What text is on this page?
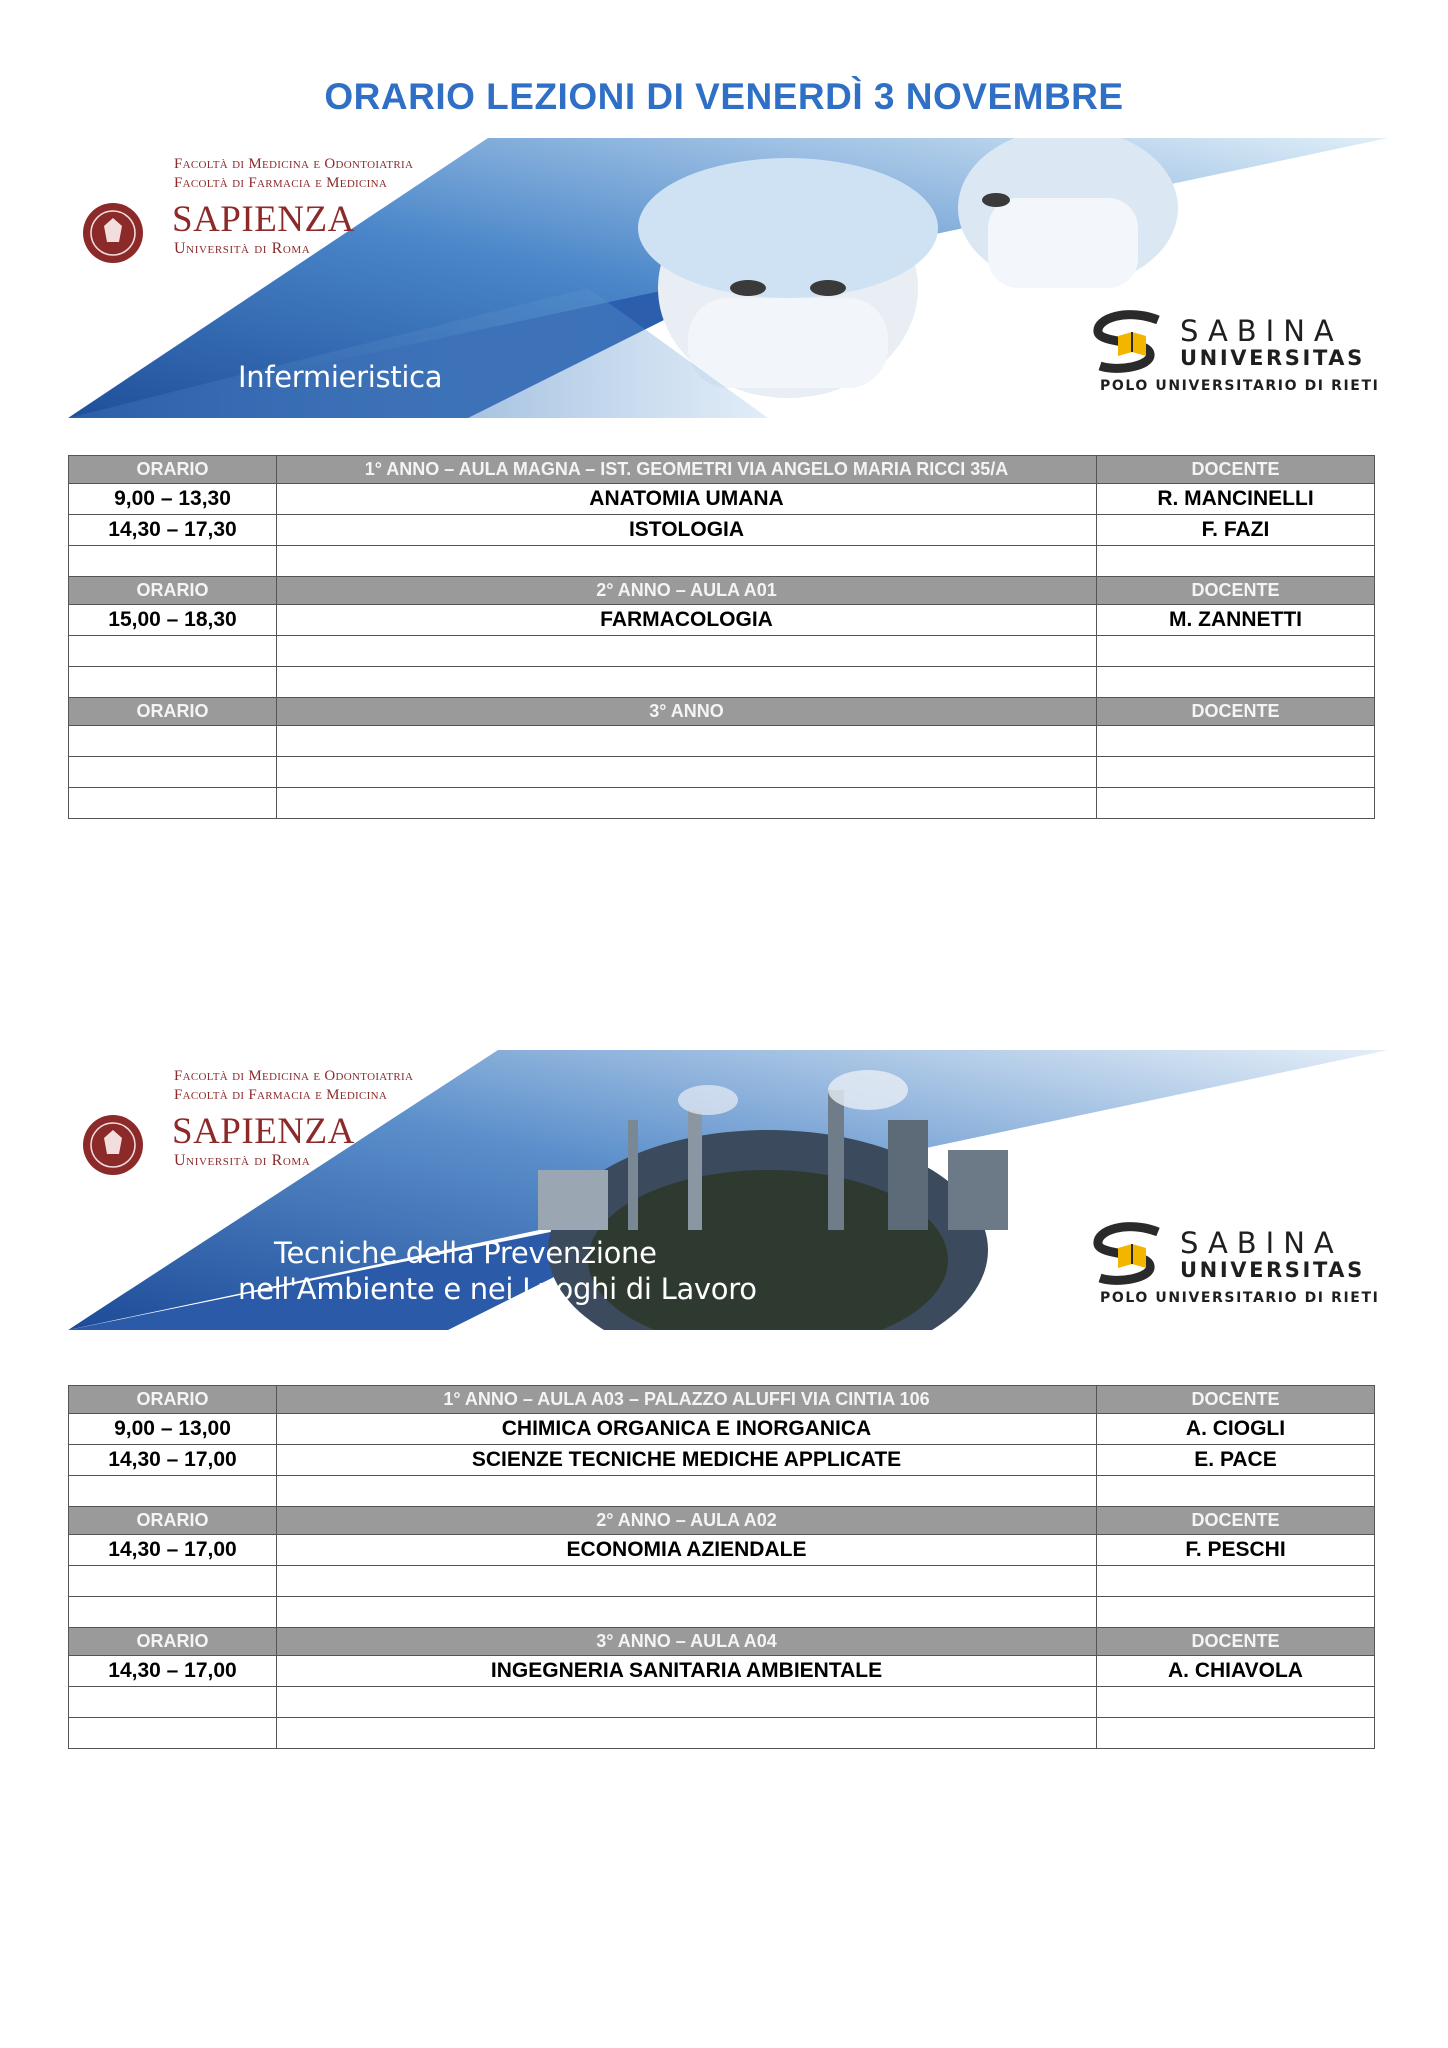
ORARIO LEZIONI DI VENERDÌ 3 NOVEMBRE
Facoltà di Medicina e Odontoiatria
Facoltà di Farmacia e Medicina
SAPIENZA
Università di Roma
Infermieristica
SABINA
UNIVERSITAS
POLO UNIVERSITARIO DI RIETI
ORARIO	1° ANNO – AULA MAGNA – IST. GEOMETRI VIA ANGELO MARIA RICCI 35/A	DOCENTE
9,00 – 13,30	ANATOMIA UMANA	R. MANCINELLI
14,30 – 17,30	ISTOLOGIA	F. FAZI

ORARIO	2° ANNO – AULA A01	DOCENTE
15,00 – 18,30	FARMACOLOGIA	M. ZANNETTI

ORARIO	3° ANNO	DOCENTE

Facoltà di Medicina e Odontoiatria
Facoltà di Farmacia e Medicina
SAPIENZA
Università di Roma
Tecniche della Prevenzione
nell'Ambiente e nei Luoghi di Lavoro
SABINA
UNIVERSITAS
POLO UNIVERSITARIO DI RIETI
ORARIO	1° ANNO – AULA A03 – PALAZZO ALUFFI VIA CINTIA 106	DOCENTE
9,00 – 13,00	CHIMICA ORGANICA E INORGANICA	A. CIOGLI
14,30 – 17,00	SCIENZE TECNICHE MEDICHE APPLICATE	E. PACE

ORARIO	2° ANNO – AULA A02	DOCENTE
14,30 – 17,00	ECONOMIA AZIENDALE	F. PESCHI

ORARIO	3° ANNO – AULA A04	DOCENTE
14,30 – 17,00	INGEGNERIA SANITARIA AMBIENTALE	A. CHIAVOLA
